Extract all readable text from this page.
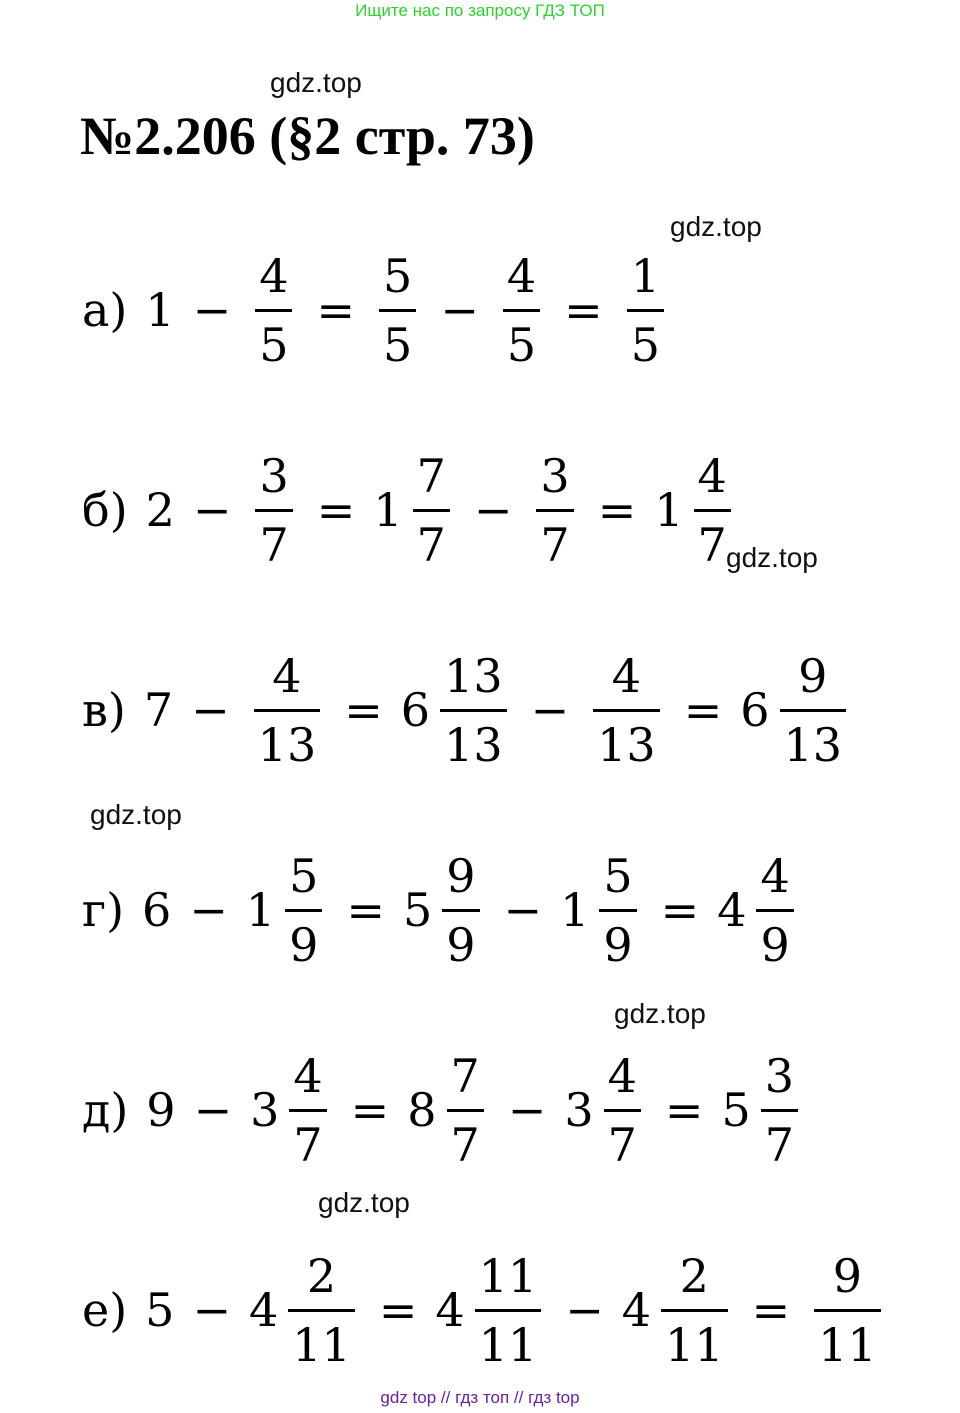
Ищите нас по запросу ГДЗ ТОП
gdz.top
№2.206 (§2 стр. 73)
gdz.top
а) $1 - \frac{4}{5} = \frac{5}{5} - \frac{4}{5} = \frac{1}{5}$
б) $2 - \frac{3}{7} = 1 \frac{7}{7} - \frac{3}{7} = 1 \frac{4}{7}$
gdz.top
в) $7 - \frac{4}{13} = 6 \frac{13}{13} - \frac{4}{13} = 6 \frac{9}{13}$
gdz.top
г) $6 - 1 \frac{5}{9} = 5 \frac{9}{9} - 1 \frac{5}{9} = 4 \frac{4}{9}$
gdz.top
д) $9 - 3 \frac{4}{7} = 8 \frac{7}{7} - 3 \frac{4}{7} = 5 \frac{3}{7}$
gdz.top
е) $5 - 4 \frac{2}{11} = 4 \frac{11}{11} - 4 \frac{2}{11} = \frac{9}{11}$
gdz top // гдз топ // гдз top
